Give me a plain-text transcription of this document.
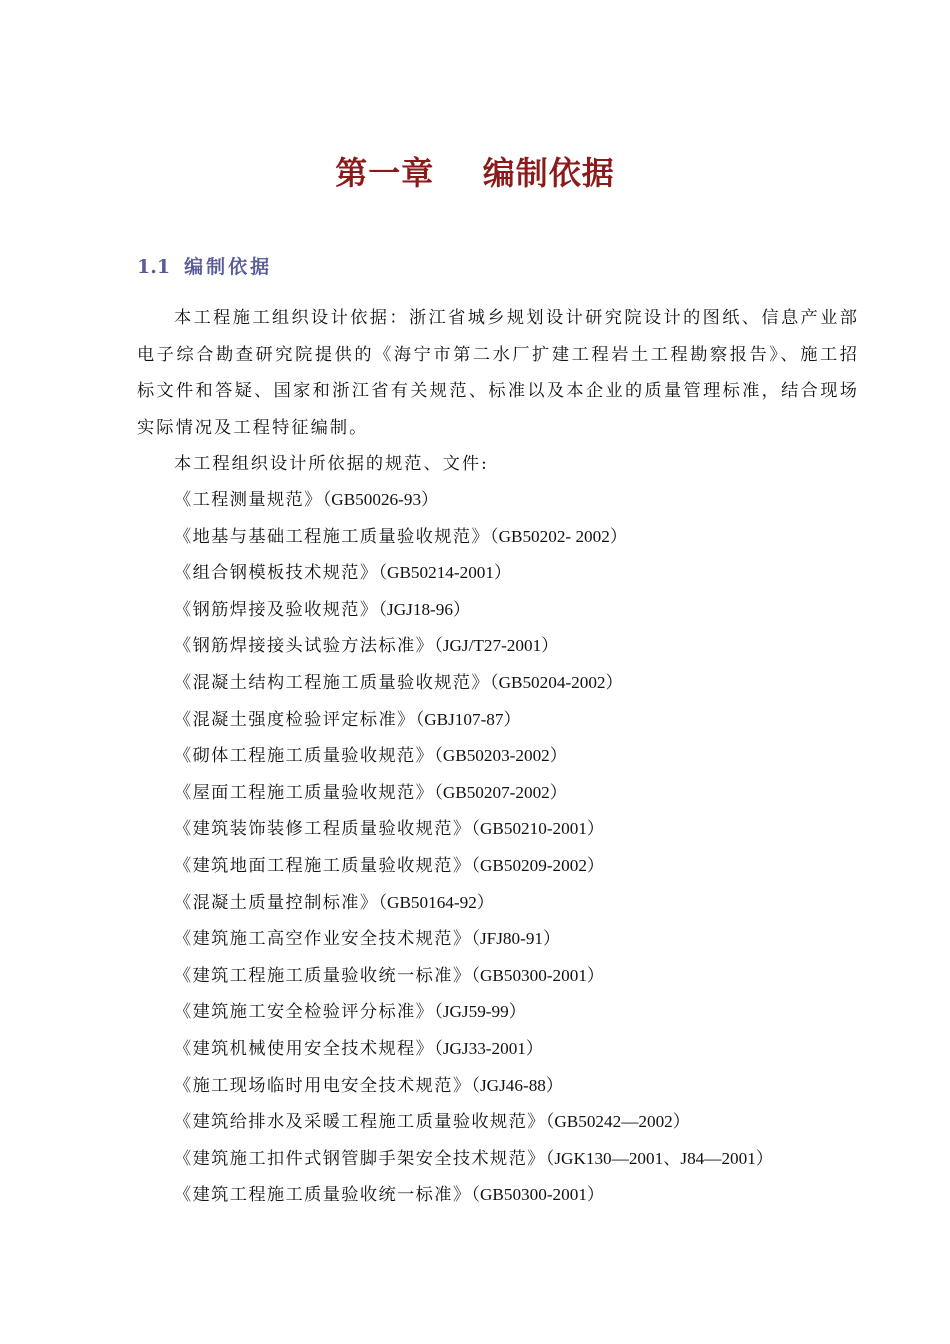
第一章    编制依据
1.1 编制依据

本工程施工组织设计依据：浙江省城乡规划设计研究院设计的图纸、信息产业部电子综合勘查研究院提供的《海宁市第二水厂扩建工程岩土工程勘察报告》、施工招标文件和答疑、国家和浙江省有关规范、标准以及本企业的质量管理标准，结合现场实际情况及工程特征编制。

本工程组织设计所依据的规范、文件:

《工程测量规范》（GB50026-93）
《地基与基础工程施工质量验收规范》（GB50202- 2002）
《组合钢模板技术规范》（GB50214-2001）
《钢筋焊接及验收规范》（JGJ18-96）
《钢筋焊接接头试验方法标准》（JGJ/T27-2001）
《混凝土结构工程施工质量验收规范》（GB50204-2002）
《混凝土强度检验评定标准》（GBJ107-87）
《砌体工程施工质量验收规范》（GB50203-2002）
《屋面工程施工质量验收规范》（GB50207-2002）
《建筑装饰装修工程质量验收规范》（GB50210-2001）
《建筑地面工程施工质量验收规范》（GB50209-2002）
《混凝土质量控制标准》（GB50164-92）
《建筑施工高空作业安全技术规范》（JFJ80-91）
《建筑工程施工质量验收统一标准》（GB50300-2001）
《建筑施工安全检验评分标准》（JGJ59-99）
《建筑机械使用安全技术规程》（JGJ33-2001）
《施工现场临时用电安全技术规范》（JGJ46-88）
《建筑给排水及采暖工程施工质量验收规范》（GB50242—2002）
《建筑施工扣件式钢管脚手架安全技术规范》（JGK130—2001、J84—2001）
《建筑工程施工质量验收统一标准》（GB50300-2001）
